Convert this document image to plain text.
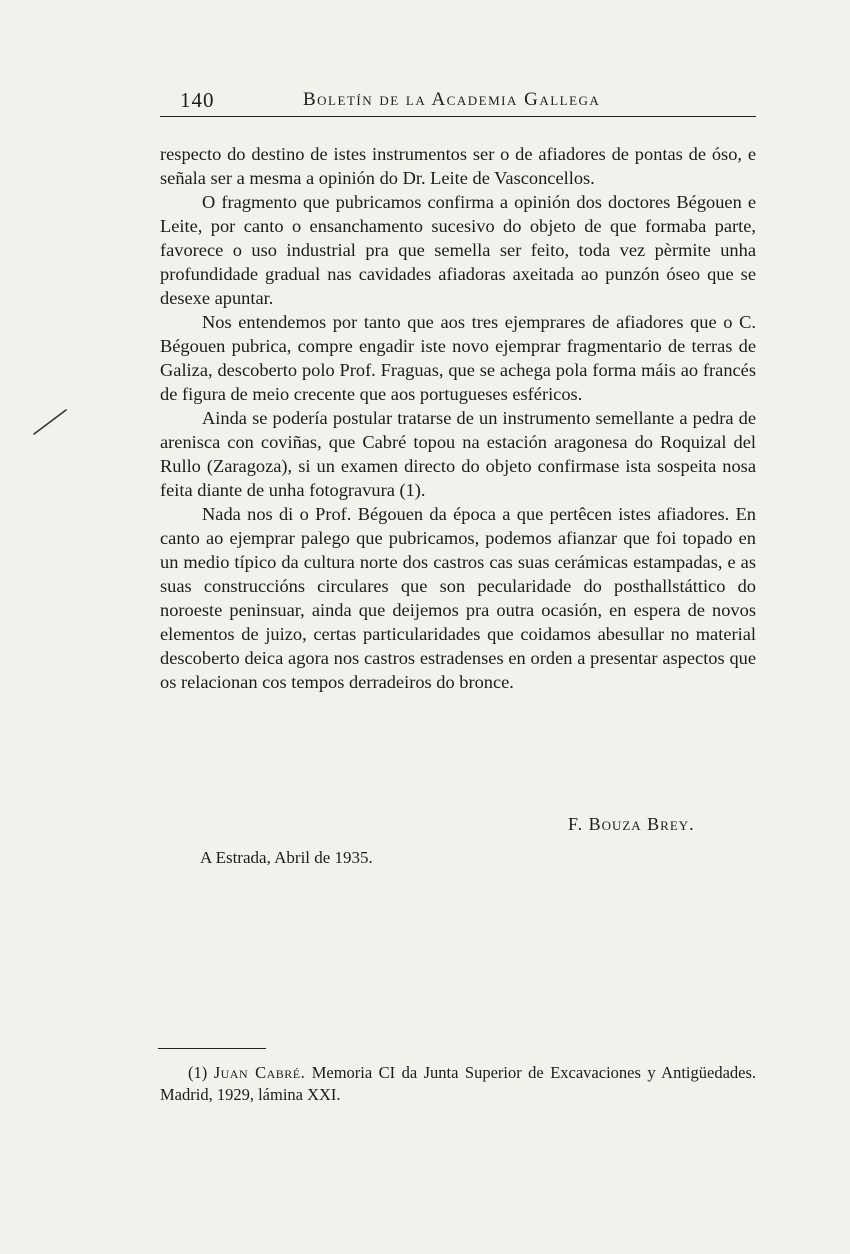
140	Boletín de la Academia Gallega

respecto do destino de istes instrumentos ser o de afiadores de pontas de óso, e señala ser a mesma a opinión do Dr. Leite de Vasconcellos.

O fragmento que pubricamos confirma a opinión dos doctores Bégouen e Leite, por canto o ensanchamento sucesivo do objeto de que formaba parte, favorece o uso industrial pra que semella ser feito, toda vez pèrmite unha profundidade gradual nas cavidades afiadoras axeitada ao punzón óseo que se desexe apuntar.

Nos entendemos por tanto que aos tres ejemprares de afiadores que o C. Bégouen pubrica, compre engadir iste novo ejemprar fragmentario de terras de Galiza, descoberto polo Prof. Fraguas, que se achega pola forma máis ao francés de figura de meio crecente que aos portugueses esféricos.

Ainda se podería postular tratarse de un instrumento semellante a pedra de arenisca con coviñas, que Cabré topou na estación aragonesa do Roquizal del Rullo (Zaragoza), si un examen directo do objeto confirmase ista sospeita nosa feita diante de unha fotogravura (1).

Nada nos di o Prof. Bégouen da época a que pertêcen istes afiadores. En canto ao ejemprar palego que pubricamos, podemos afianzar que foi topado en un medio típico da cultura norte dos castros cas suas cerámicas estampadas, e as suas construccións circulares que son pecularidade do posthallstáttico do noroeste peninsuar, ainda que deijemos pra outra ocasión, en espera de novos elementos de juizo, certas particularidades que coidamos abesullar no material descoberto deica agora nos castros estradenses en orden a presentar aspectos que os relacionan cos tempos derradeiros do bronce.

F. Bouza Brey.
A Estrada, Abril de 1935.
(1) Juan Cabré. Memoria CI da Junta Superior de Excavaciones y Antigüedades. Madrid, 1929, lámina XXI.
